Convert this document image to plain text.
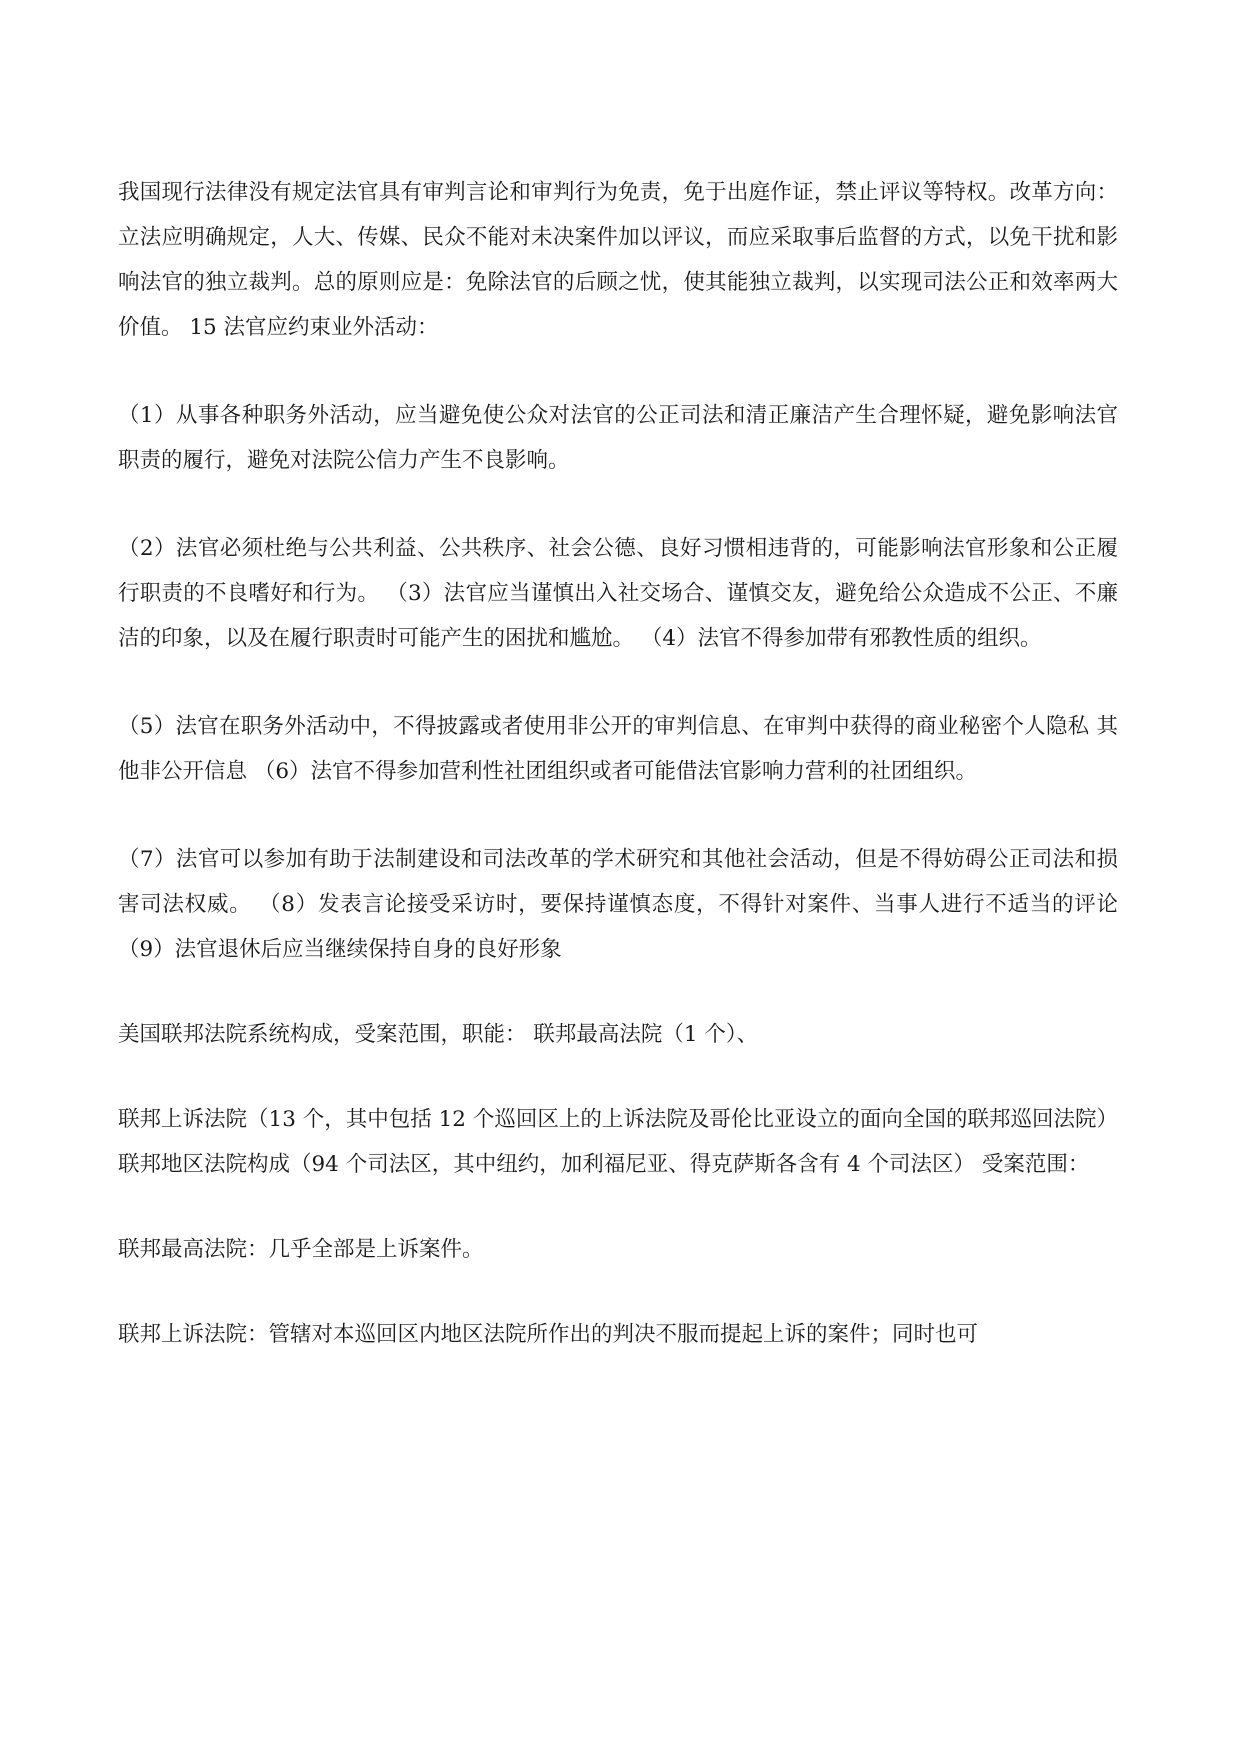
我国现行法律没有规定法官具有审判言论和审判行为免责，免于出庭作证，禁止评议等特权。改革方向：立法应明确规定，人大、传媒、民众不能对未决案件加以评议，而应采取事后监督的方式，以免干扰和影响法官的独立裁判。总的原则应是：免除法官的后顾之忧，使其能独立裁判，以实现司法公正和效率两大价值。 15 法官应约束业外活动：

（1）从事各种职务外活动，应当避免使公众对法官的公正司法和清正廉洁产生合理怀疑，避免影响法官职责的履行，避免对法院公信力产生不良影响。

（2）法官必须杜绝与公共利益、公共秩序、社会公德、良好习惯相违背的，可能影响法官形象和公正履行职责的不良嗜好和行为。 （3）法官应当谨慎出入社交场合、谨慎交友，避免给公众造成不公正、不廉洁的印象，以及在履行职责时可能产生的困扰和尴尬。 （4）法官不得参加带有邪教性质的组织。

（5）法官在职务外活动中，不得披露或者使用非公开的审判信息、在审判中获得的商业秘密个人隐私 其他非公开信息 （6）法官不得参加营利性社团组织或者可能借法官影响力营利的社团组织。

（7）法官可以参加有助于法制建设和司法改革的学术研究和其他社会活动，但是不得妨碍公正司法和损害司法权威。 （8）发表言论接受采访时，要保持谨慎态度，不得针对案件、当事人进行不适当的评论 （9）法官退休后应当继续保持自身的良好形象

美国联邦法院系统构成，受案范围，职能： 联邦最高法院（1 个）、

联邦上诉法院（13 个，其中包括 12 个巡回区上的上诉法院及哥伦比亚设立的面向全国的联邦巡回法院） 联邦地区法院构成（94 个司法区，其中纽约，加利福尼亚、得克萨斯各含有 4 个司法区） 受案范围：

联邦最高法院：几乎全部是上诉案件。

联邦上诉法院：管辖对本巡回区内地区法院所作出的判决不服而提起上诉的案件；同时也可
